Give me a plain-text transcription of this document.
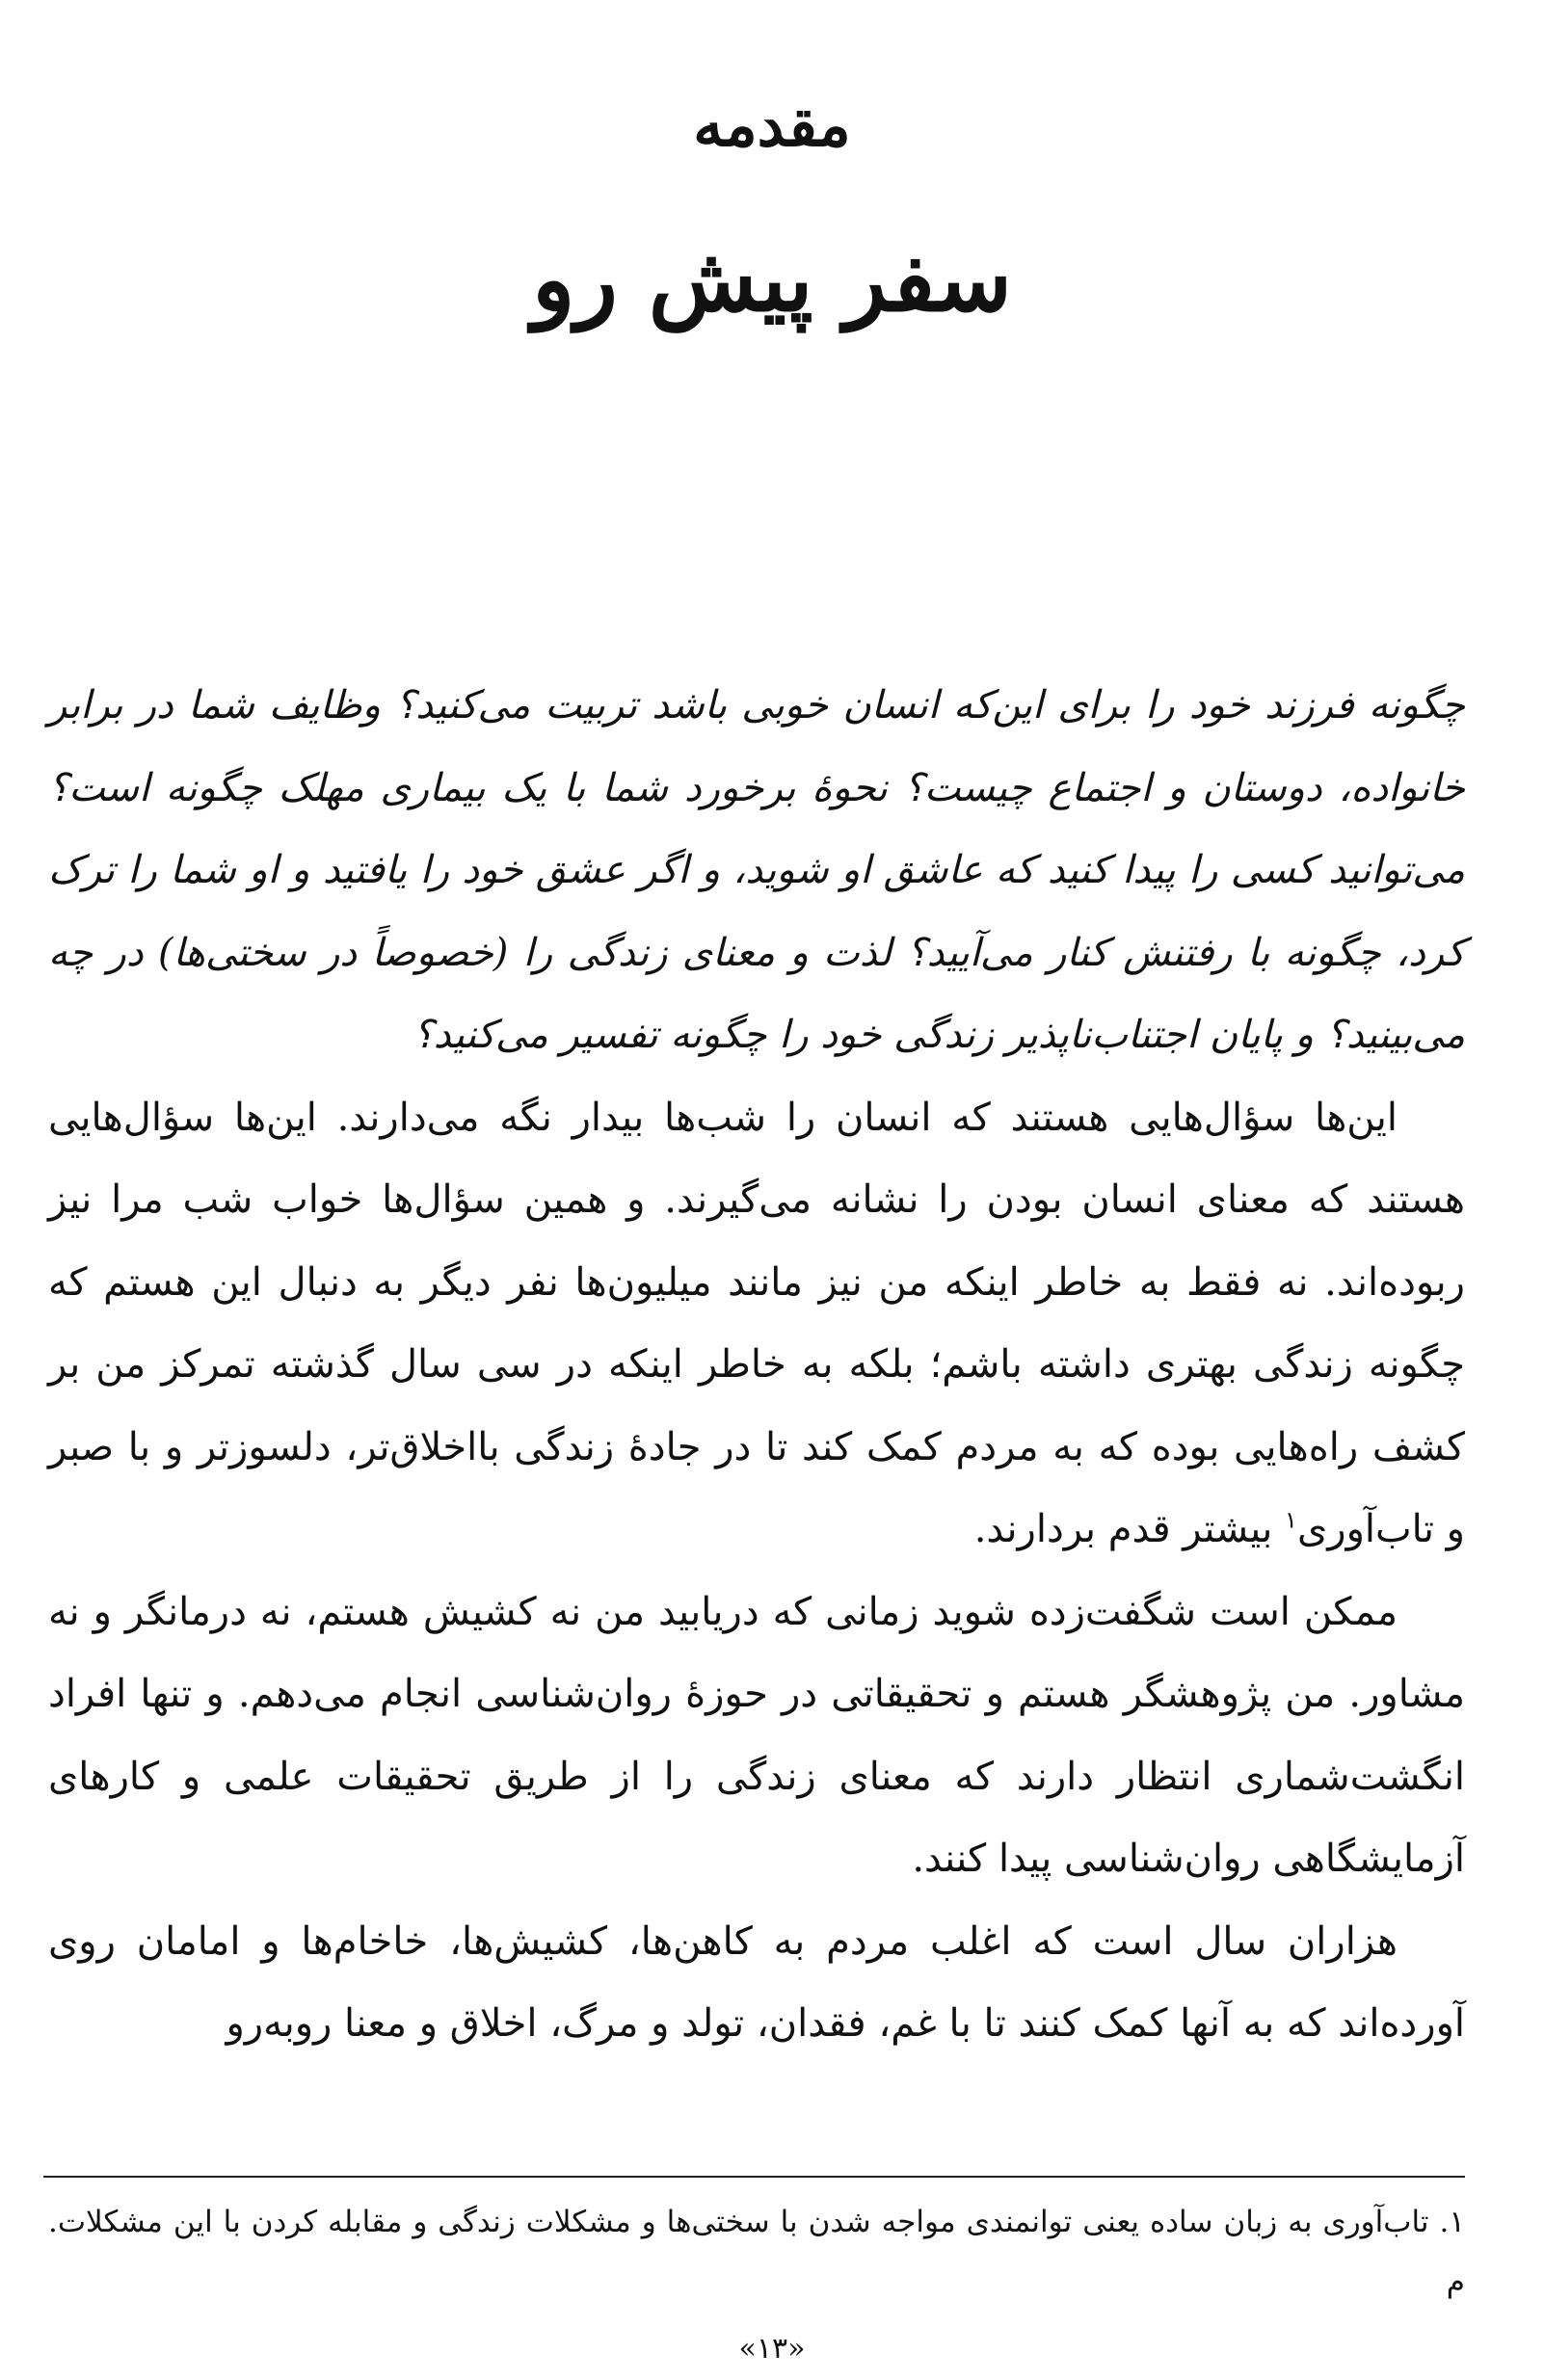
مقدمه
سفر پیش رو

چگونه فرزند خود را برای این‌که انسان خوبی باشد تربیت می‌کنید؟ وظایف شما در برابر خانواده، دوستان و اجتماع چیست؟ نحوهٔ برخورد شما با یک بیماری مهلک چگونه است؟ می‌توانید کسی را پیدا کنید که عاشق او شوید، و اگر عشق خود را یافتید و او شما را ترک کرد، چگونه با رفتنش کنار می‌آیید؟ لذت و معنای زندگی را (خصوصاً در سختی‌ها) در چه می‌بینید؟ و پایان اجتناب‌ناپذیر زندگی خود را چگونه تفسیر می‌کنید؟

این‌ها سؤال‌هایی هستند که انسان را شب‌ها بیدار نگه می‌دارند. این‌ها سؤال‌هایی هستند که معنای انسان بودن را نشانه می‌گیرند. و همین سؤال‌ها خواب شب مرا نیز ربوده‌اند. نه فقط به خاطر اینکه من نیز مانند میلیون‌ها نفر دیگر به دنبال این هستم که چگونه زندگی بهتری داشته باشم؛ بلکه به خاطر اینکه در سی سال گذشته تمرکز من بر کشف راه‌هایی بوده که به مردم کمک کند تا در جادهٔ زندگی بااخلاق‌تر، دلسوزتر و با صبر و تاب‌آوری$^۱$ بیشتر قدم بردارند.

ممکن است شگفت‌زده شوید زمانی که دریابید من نه کشیش هستم، نه درمانگر و نه مشاور. من پژوهشگر هستم و تحقیقاتی در حوزهٔ روان‌شناسی انجام می‌دهم. و تنها افراد انگشت‌شماری انتظار دارند که معنای زندگی را از طریق تحقیقات علمی و کارهای آزمایشگاهی روان‌شناسی پیدا کنند.

هزاران سال است که اغلب مردم به کاهن‌ها، کشیش‌ها، خاخام‌ها و امامان روی آورده‌اند که به آنها کمک کنند تا با غم، فقدان، تولد و مرگ، اخلاق و معنا روبه‌رو

۱. تاب‌آوری به زبان ساده یعنی توانمندی مواجه شدن با سختی‌ها و مشکلات زندگی و مقابله کردن با این مشکلات. م

«۱۳»
